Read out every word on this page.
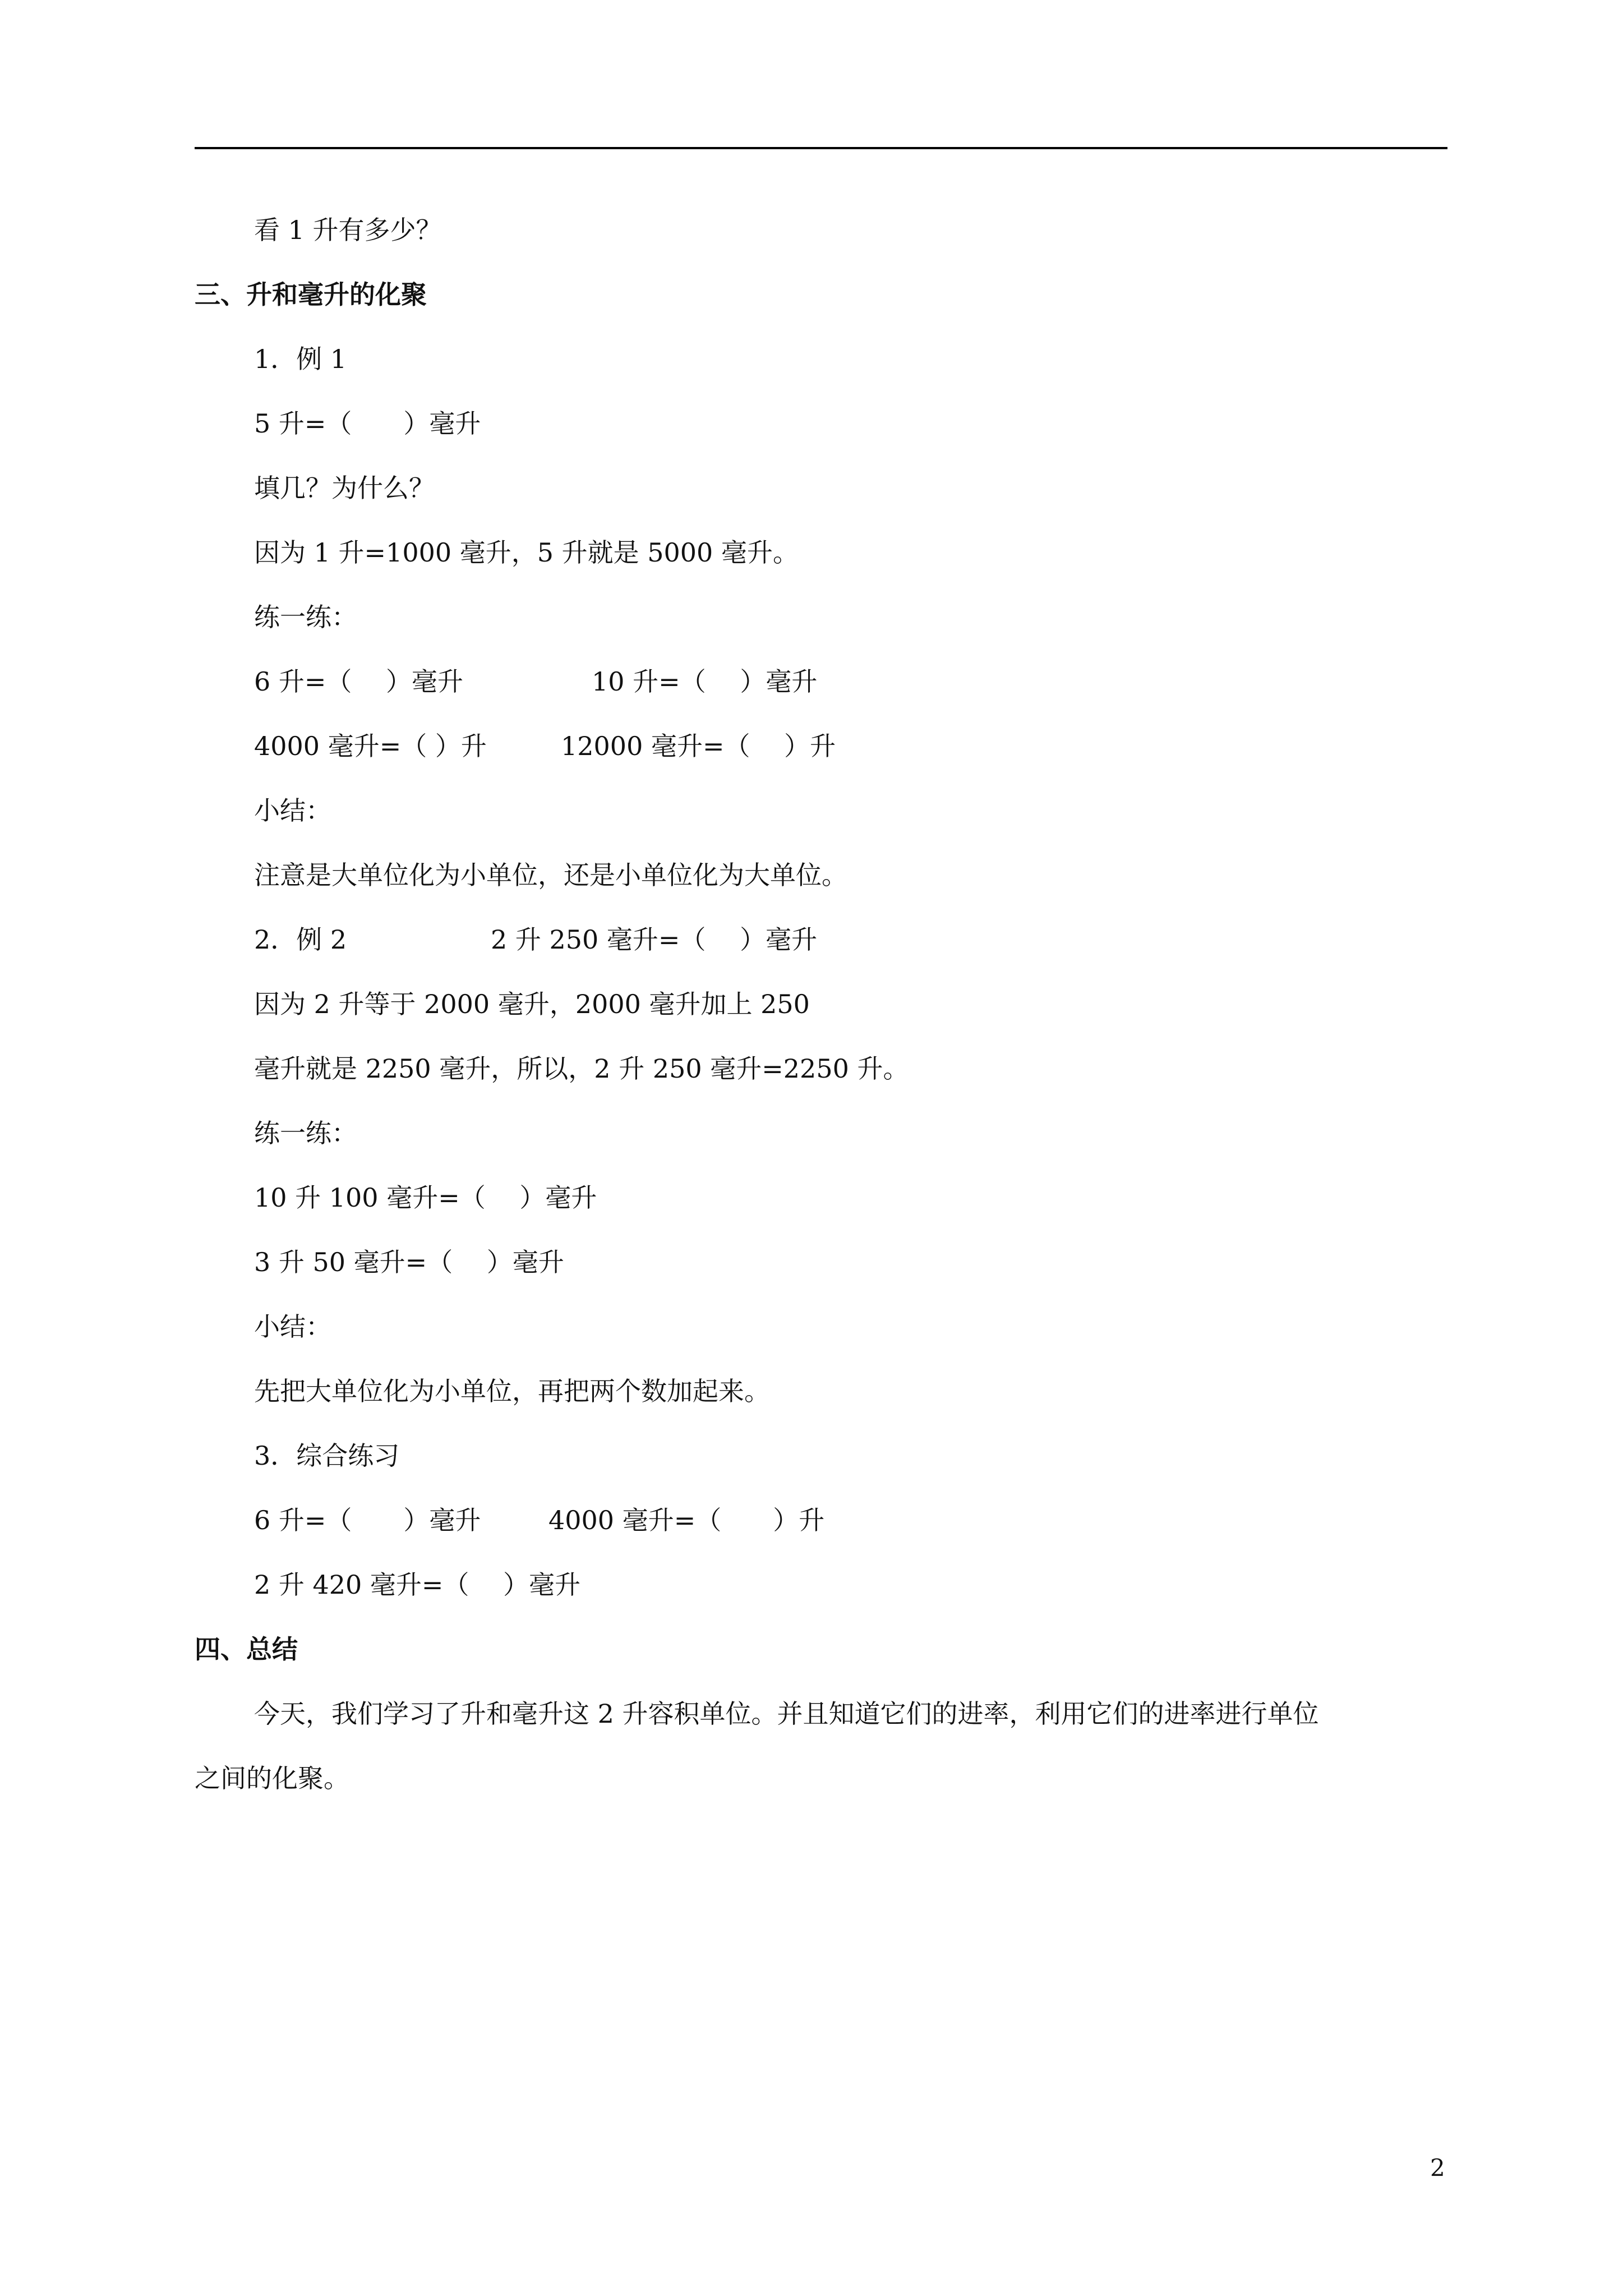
看 1 升有多少？
三、升和毫升的化聚
1．例 1
5 升=（　　）毫升
填几？为什么？
因为 1 升=1000 毫升，5 升就是 5000 毫升。
练一练：
6 升=（　 ）毫升	10 升=（　 ）毫升
4000 毫升=（ ）升	12000 毫升=（　 ）升
小结：
注意是大单位化为小单位，还是小单位化为大单位。
2．例 2	2 升 250 毫升=（　 ）毫升
因为 2 升等于 2000 毫升，2000 毫升加上 250
毫升就是 2250 毫升，所以，2 升 250 毫升=2250 升。
练一练：
10 升 100 毫升=（　 ）毫升
3 升 50 毫升=（　 ）毫升
小结：
先把大单位化为小单位，再把两个数加起来。
3．综合练习
6 升=（　　）毫升	4000 毫升=（　　）升
2 升 420 毫升=（　 ）毫升
四、总结
今天，我们学习了升和毫升这 2 升容积单位。并且知道它们的进率，利用它们的进率进行单位
之间的化聚。
2
